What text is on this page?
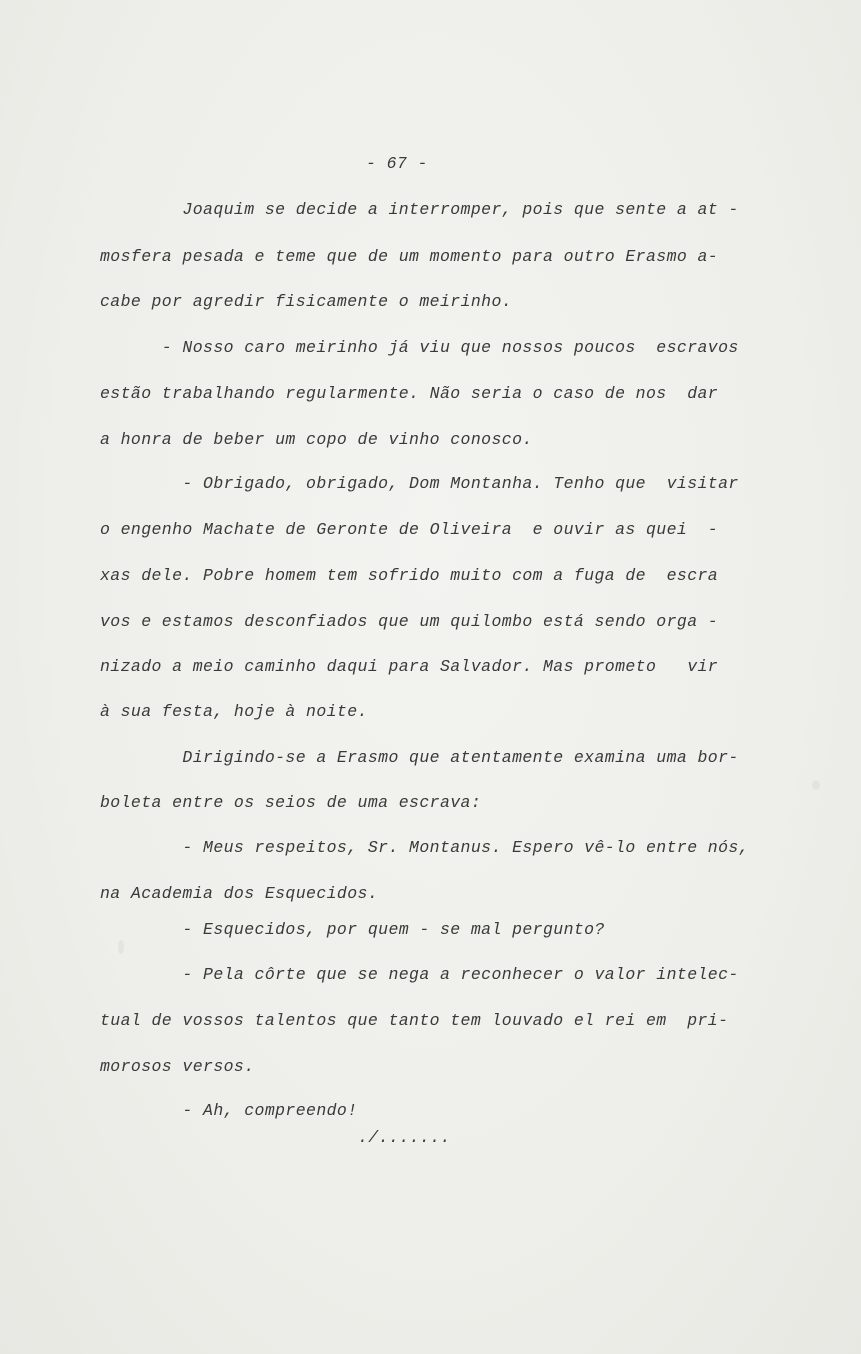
- 67 -
Joaquim se decide a interromper, pois que sente a at -
mosfera pesada e teme que de um momento para outro Erasmo a-
cabe por agredir fisicamente o meirinho.
- Nosso caro meirinho já viu que nossos poucos  escravos
estão trabalhando regularmente. Não seria o caso de nos  dar
a honra de beber um copo de vinho conosco.
- Obrigado, obrigado, Dom Montanha. Tenho que  visitar
o engenho Machate de Geronte de Oliveira  e ouvir as quei  -
xas dele. Pobre homem tem sofrido muito com a fuga de  escra
vos e estamos desconfiados que um quilombo está sendo orga -
nizado a meio caminho daqui para Salvador. Mas prometo   vir
à sua festa, hoje à noite.
Dirigindo-se a Erasmo que atentamente examina uma bor-
boleta entre os seios de uma escrava:
- Meus respeitos, Sr. Montanus. Espero vê-lo entre nós,
na Academia dos Esquecidos.
- Esquecidos, por quem - se mal pergunto?
- Pela côrte que se nega a reconhecer o valor intelec-
tual de vossos talentos que tanto tem louvado el rei em  pri-
morosos versos.
- Ah, compreendo!
./.......
